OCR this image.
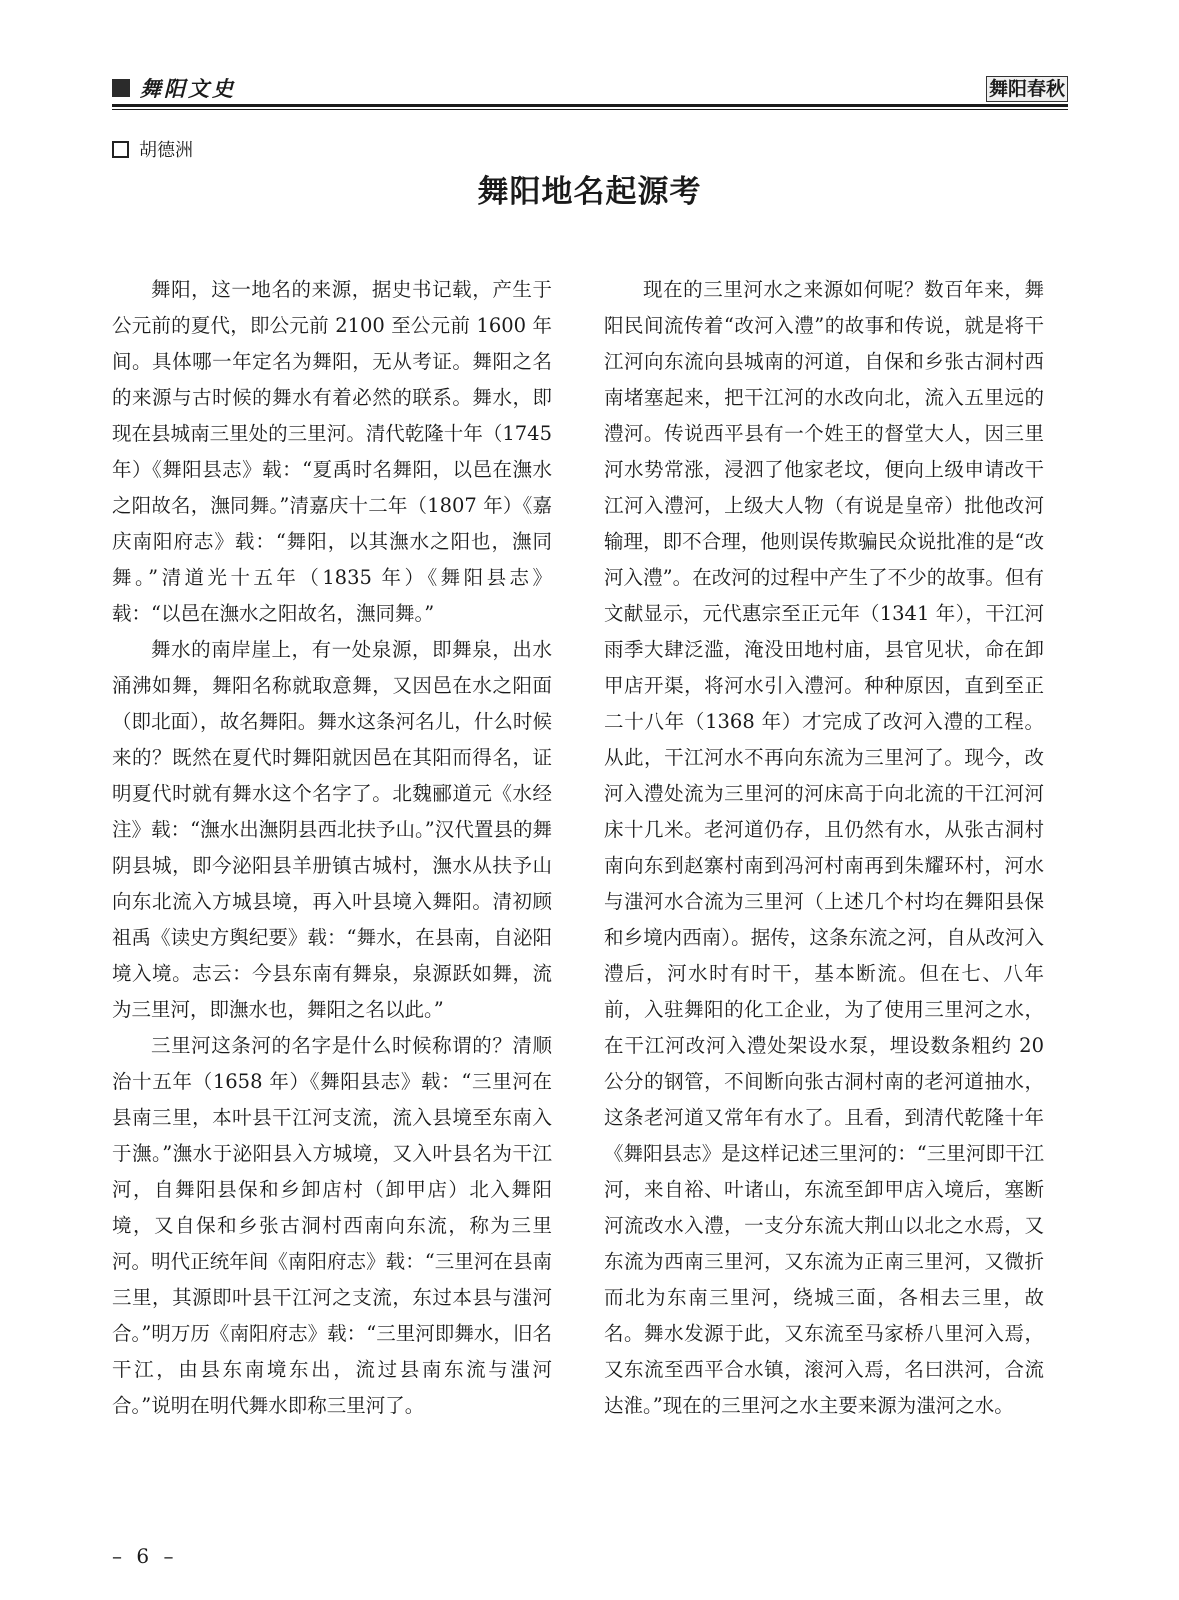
舞阳文史	舞阳春秋
胡德洲
舞阳地名起源考

舞阳，这一地名的来源，据史书记载，产生于公元前的夏代，即公元前 2100 至公元前 1600 年间。具体哪一年定名为舞阳，无从考证。舞阳之名的来源与古时候的舞水有着必然的联系。舞水，即现在县城南三里处的三里河。清代乾隆十年（1745 年）《舞阳县志》载：“夏禹时名舞阳，以邑在潕水之阳故名，潕同舞。”清嘉庆十二年（1807 年）《嘉庆南阳府志》载：“舞阳，以其潕水之阳也，潕同舞。”清道光十五年（1835 年）《舞阳县志》载：“以邑在潕水之阳故名，潕同舞。”

舞水的南岸崖上，有一处泉源，即舞泉，出水涌沸如舞，舞阳名称就取意舞，又因邑在水之阳面（即北面），故名舞阳。舞水这条河名儿，什么时候来的？既然在夏代时舞阳就因邑在其阳而得名，证明夏代时就有舞水这个名字了。北魏郦道元《水经注》载：“潕水出潕阴县西北扶予山。”汉代置县的舞阴县城，即今泌阳县羊册镇古城村，潕水从扶予山向东北流入方城县境，再入叶县境入舞阳。清初顾祖禹《读史方舆纪要》载：“舞水，在县南，自泌阳境入境。志云：今县东南有舞泉，泉源跃如舞，流为三里河，即潕水也，舞阳之名以此。”

三里河这条河的名字是什么时候称谓的？清顺治十五年（1658 年）《舞阳县志》载：“三里河在县南三里，本叶县干江河支流，流入县境至东南入于潕。”潕水于泌阳县入方城境，又入叶县名为干江河，自舞阳县保和乡卸店村（卸甲店）北入舞阳境，又自保和乡张古洞村西南向东流，称为三里河。明代正统年间《南阳府志》载：“三里河在县南三里，其源即叶县干江河之支流，东过本县与滍河合。”明万历《南阳府志》载：“三里河即舞水，旧名干江，由县东南境东出，流过县南东流与滍河合。”说明在明代舞水即称三里河了。

现在的三里河水之来源如何呢？数百年来，舞阳民间流传着“改河入澧”的故事和传说，就是将干江河向东流向县城南的河道，自保和乡张古洞村西南堵塞起来，把干江河的水改向北，流入五里远的澧河。传说西平县有一个姓王的督堂大人，因三里河水势常涨，浸泗了他家老坟，便向上级申请改干江河入澧河，上级大人物（有说是皇帝）批他改河输理，即不合理，他则误传欺骗民众说批准的是“改河入澧”。在改河的过程中产生了不少的故事。但有文献显示，元代惠宗至正元年（1341 年），干江河雨季大肆泛滥，淹没田地村庙，县官见状，命在卸甲店开渠，将河水引入澧河。种种原因，直到至正二十八年（1368 年）才完成了改河入澧的工程。从此，干江河水不再向东流为三里河了。现今，改河入澧处流为三里河的河床高于向北流的干江河河床十几米。老河道仍存，且仍然有水，从张古洞村南向东到赵寨村南到冯河村南再到朱耀环村，河水与滍河水合流为三里河（上述几个村均在舞阳县保和乡境内西南）。据传，这条东流之河，自从改河入澧后，河水时有时干，基本断流。但在七、八年前，入驻舞阳的化工企业，为了使用三里河之水，在干江河改河入澧处架设水泵，埋设数条粗约 20 公分的钢管，不间断向张古洞村南的老河道抽水，这条老河道又常年有水了。且看，到清代乾隆十年《舞阳县志》是这样记述三里河的：“三里河即干江河，来自裕、叶诸山，东流至卸甲店入境后，塞断河流改水入澧，一支分东流大荆山以北之水焉，又东流为西南三里河，又东流为正南三里河，又微折而北为东南三里河，绕城三面，各相去三里，故名。舞水发源于此，又东流至马家桥八里河入焉，又东流至西平合水镇，滚河入焉，名曰洪河，合流达淮。”现在的三里河之水主要来源为滍河之水。

– 6 –
